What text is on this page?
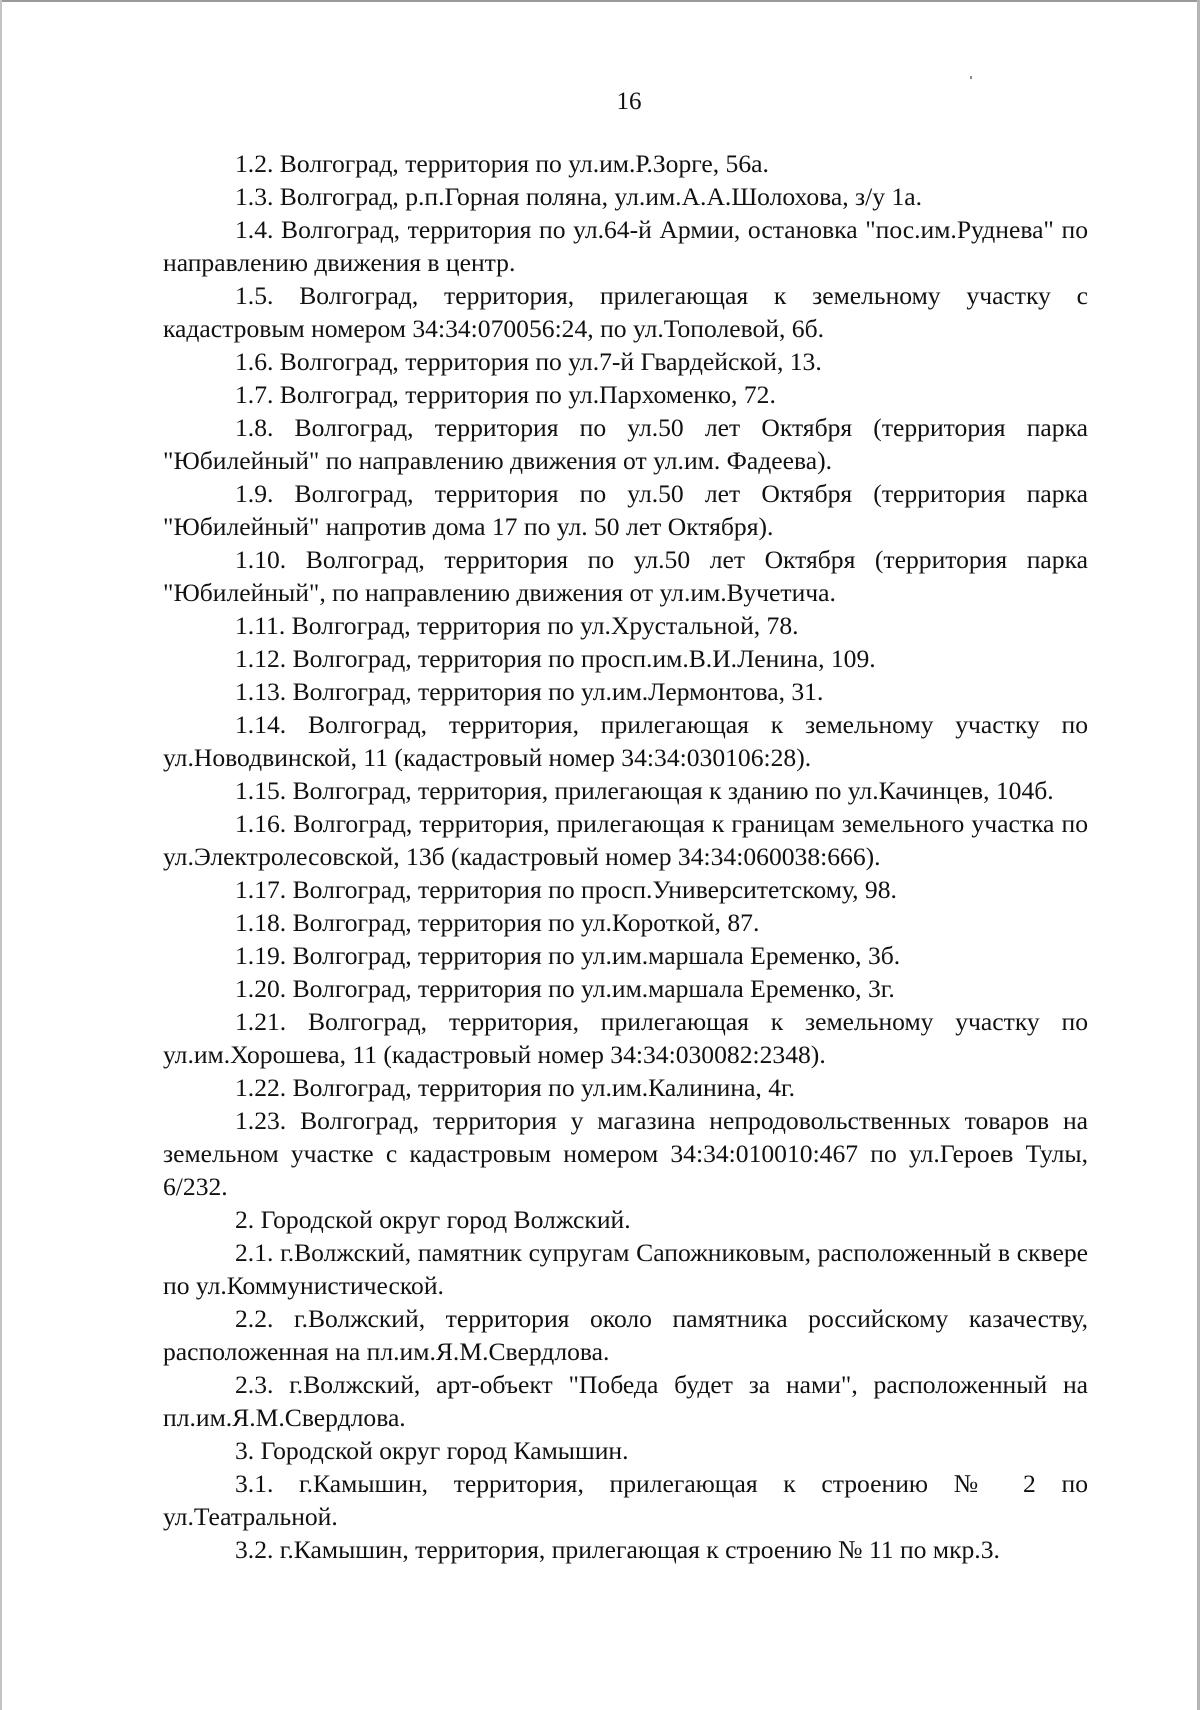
16

1.2. Волгоград, территория по ул.им.Р.Зорге, 56а.

1.3. Волгоград, р.п.Горная поляна, ул.им.А.А.Шолохова, з/у 1а.

1.4. Волгоград, территория по ул.64-й Армии, остановка "пос.им.Руднева" по направлению движения в центр.

1.5. Волгоград, территория, прилегающая к земельному участку с кадастровым номером 34:34:070056:24, по ул.Тополевой, 6б.

1.6. Волгоград, территория по ул.7-й Гвардейской, 13.

1.7. Волгоград, территория по ул.Пархоменко, 72.

1.8. Волгоград, территория по ул.50 лет Октября (территория парка "Юбилейный" по направлению движения от ул.им. Фадеева).

1.9. Волгоград, территория по ул.50 лет Октября (территория парка "Юбилейный" напротив дома 17 по ул. 50 лет Октября).

1.10. Волгоград, территория по ул.50 лет Октября (территория парка "Юбилейный", по направлению движения от ул.им.Вучетича.

1.11. Волгоград, территория по ул.Хрустальной, 78.

1.12. Волгоград, территория по просп.им.В.И.Ленина, 109.

1.13. Волгоград, территория по ул.им.Лермонтова, 31.

1.14. Волгоград, территория, прилегающая к земельному участку по ул.Новодвинской, 11 (кадастровый номер 34:34:030106:28).

1.15. Волгоград, территория, прилегающая к зданию по ул.Качинцев, 104б.

1.16. Волгоград, территория, прилегающая к границам земельного участка по ул.Электролесовской, 13б (кадастровый номер 34:34:060038:666).

1.17. Волгоград, территория по просп.Университетскому, 98.

1.18. Волгоград, территория по ул.Короткой, 87.

1.19. Волгоград, территория по ул.им.маршала Еременко, 3б.

1.20. Волгоград, территория по ул.им.маршала Еременко, 3г.

1.21. Волгоград, территория, прилегающая к земельному участку по ул.им.Хорошева, 11 (кадастровый номер 34:34:030082:2348).

1.22. Волгоград, территория по ул.им.Калинина, 4г.

1.23. Волгоград, территория у магазина непродовольственных товаров на земельном участке с кадастровым номером 34:34:010010:467 по ул.Героев Тулы, 6/232.

2. Городской округ город Волжский.

2.1. г.Волжский, памятник супругам Сапожниковым, расположенный в сквере по ул.Коммунистической.

2.2. г.Волжский, территория около памятника российскому казачеству, расположенная на пл.им.Я.М.Свердлова.

2.3. г.Волжский, арт-объект "Победа будет за нами", расположенный на пл.им.Я.М.Свердлова.

3. Городской округ город Камышин.

3.1. г.Камышин, территория, прилегающая к строению № 2 по ул.Театральной.

3.2. г.Камышин, территория, прилегающая к строению № 11 по мкр.3.
